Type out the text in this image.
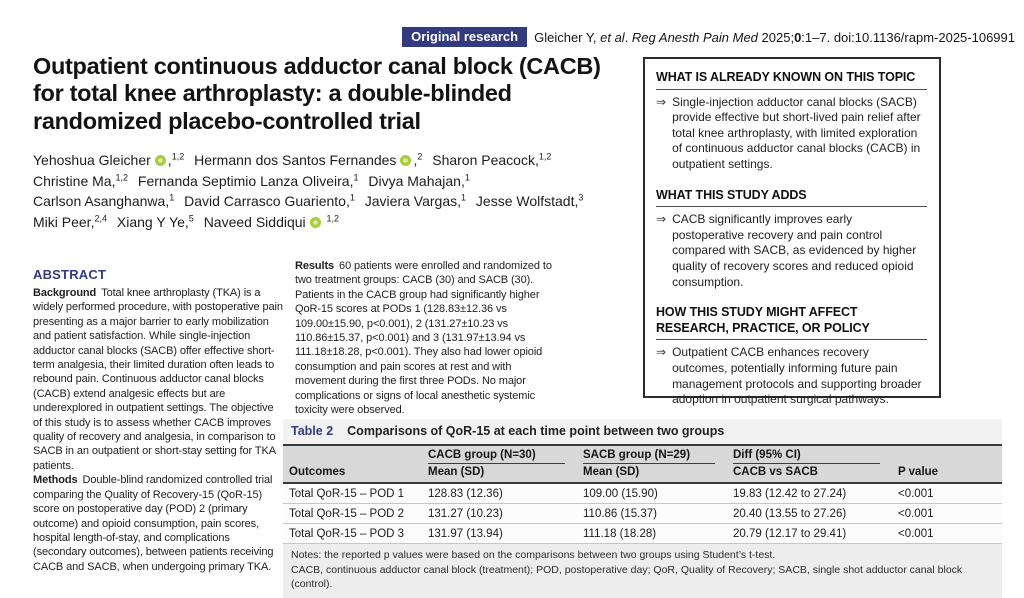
Original research	Gleicher Y, et al. Reg Anesth Pain Med 2025;0:1–7. doi:10.1136/rapm-2025-106991
Outpatient continuous adductor canal block (CACB) for total knee arthroplasty: a double-blinded randomized placebo-controlled trial
Yehoshua Gleicher ,$^{1,2}$ Hermann dos Santos Fernandes ,$^2$ Sharon Peacock,$^{1,2}$
Christine Ma,$^{1,2}$ Fernanda Septimio Lanza Oliveira,$^1$ Divya Mahajan,$^1$
Carlson Asanghanwa,$^1$ David Carrasco Guariento,$^1$ Javiera Vargas,$^1$ Jesse Wolfstadt,$^3$
Miki Peer,$^{2,4}$ Xiang Y Ye,$^5$ Naveed Siddiqui $^{1,2}$
ABSTRACT

Background Total knee arthroplasty (TKA) is a widely performed procedure, with postoperative pain presenting as a major barrier to early mobilization and patient satisfaction. While single-injection adductor canal blocks (SACB) offer effective short-term analgesia, their limited duration often leads to rebound pain. Continuous adductor canal blocks (CACB) extend analgesic effects but are underexplored in outpatient settings. The objective of this study is to assess whether CACB improves quality of recovery and analgesia, in comparison to SACB in an outpatient or short-stay setting for TKA patients.

Methods Double-blind randomized controlled trial comparing the Quality of Recovery-15 (QoR-15) score on postoperative day (POD) 2 (primary outcome) and opioid consumption, pain scores, hospital length-of-stay, and complications (secondary outcomes), between patients receiving CACB and SACB, when undergoing primary TKA.

Results 60 patients were enrolled and randomized to two treatment groups: CACB (30) and SACB (30). Patients in the CACB group had significantly higher QoR-15 scores at PODs 1 (128.83±12.36 vs 109.00±15.90, p<0.001), 2 (131.27±10.23 vs 110.86±15.37, p<0.001) and 3 (131.97±13.94 vs 111.18±18.28, p<0.001). They also had lower opioid consumption and pain scores at rest and with movement during the first three PODs. No major complications or signs of local anesthetic systemic toxicity were observed.

WHAT IS ALREADY KNOWN ON THIS TOPIC
⇒ Single-injection adductor canal blocks (SACB) provide effective but short-lived pain relief after total knee arthroplasty, with limited exploration of continuous adductor canal blocks (CACB) in outpatient settings.
WHAT THIS STUDY ADDS
⇒ CACB significantly improves early postoperative recovery and pain control compared with SACB, as evidenced by higher quality of recovery scores and reduced opioid consumption.
HOW THIS STUDY MIGHT AFFECT RESEARCH, PRACTICE, OR POLICY
⇒ Outpatient CACB enhances recovery outcomes, potentially informing future pain management protocols and supporting broader adoption in outpatient surgical pathways.
Table 2 Comparisons of QoR-15 at each time point between two groups
CACB group (N=30)	SACB group (N=29)	Diff (95% CI)
Outcomes	Mean (SD)	Mean (SD)	CACB vs SACB	P value
Total QoR-15 – POD 1	128.83 (12.36)	109.00 (15.90)	19.83 (12.42 to 27.24)	<0.001
Total QoR-15 – POD 2	131.27 (10.23)	110.86 (15.37)	20.40 (13.55 to 27.26)	<0.001
Total QoR-15 – POD 3	131.97 (13.94)	111.18 (18.28)	20.79 (12.17 to 29.41)	<0.001
Notes: the reported p values were based on the comparisons between two groups using Student’s t-test.
CACB, continuous adductor canal block (treatment); POD, postoperative day; QoR, Quality of Recovery; SACB, single shot adductor canal block (control).
